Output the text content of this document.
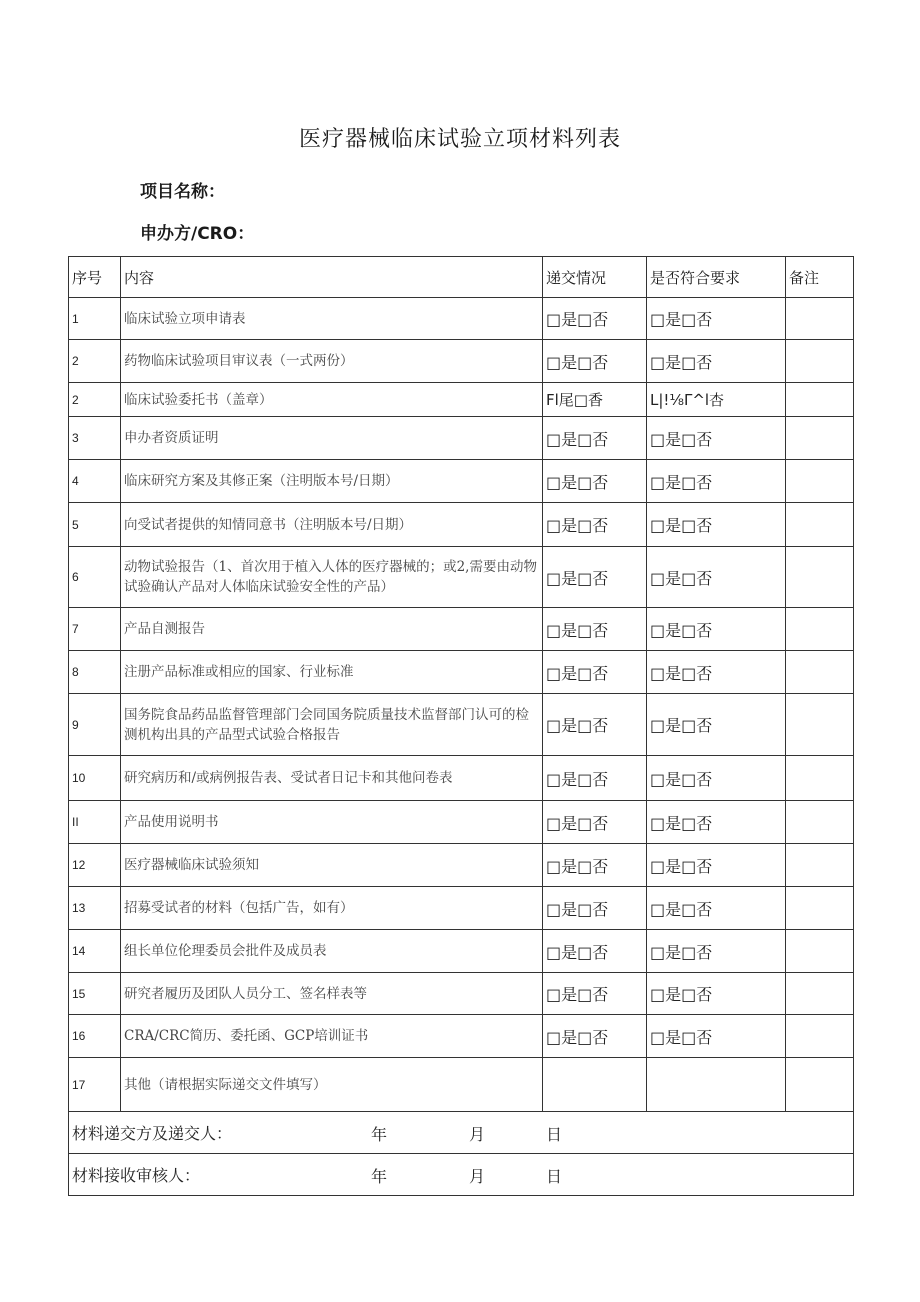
医疗器械临床试验立项材料列表
项目名称：
申办方/CRO：
序号	内容	递交情况	是否符合要求	备注
1	临床试验立项申请表	□是□否	□是□否	
2	药物临床试验项目审议表（一式两份）	□是□否	□是□否	
2	临床试验委托书（盖章）	Fl尾□香	L|!⅛Γ^l杏	
3	申办者资质证明	□是□否	□是□否	
4	临床研究方案及其修正案（注明版本号/日期）	□是□否	□是□否	
5	向受试者提供的知情同意书（注明版本号/日期）	□是□否	□是□否	
6	动物试验报告（1、首次用于植入人体的医疗器械的；或2,需要由动物试验确认产品对人体临床试验安全性的产品）	□是□否	□是□否	
7	产品自测报告	□是□否	□是□否	
8	注册产品标准或相应的国家、行业标准	□是□否	□是□否	
9	国务院食品药品监督管理部门会同国务院质量技术监督部门认可的检测机构出具的产品型式试验合格报告	□是□否	□是□否	
10	研究病历和/或病例报告表、受试者日记卡和其他问卷表	□是□否	□是□否	
II	产品使用说明书	□是□否	□是□否	
12	医疗器械临床试验须知	□是□否	□是□否	
13	招募受试者的材料（包括广告，如有）	□是□否	□是□否	
14	组长单位伦理委员会批件及成员表	□是□否	□是□否	
15	研究者履历及团队人员分工、签名样表等	□是□否	□是□否	
16	CRA/CRC简历、委托函、GCP培训证书	□是□否	□是□否	
17	其他（请根据实际递交文件填写）			
材料递交方及递交人： 年 月 日				

材料接收审核人： 年 月 日				
